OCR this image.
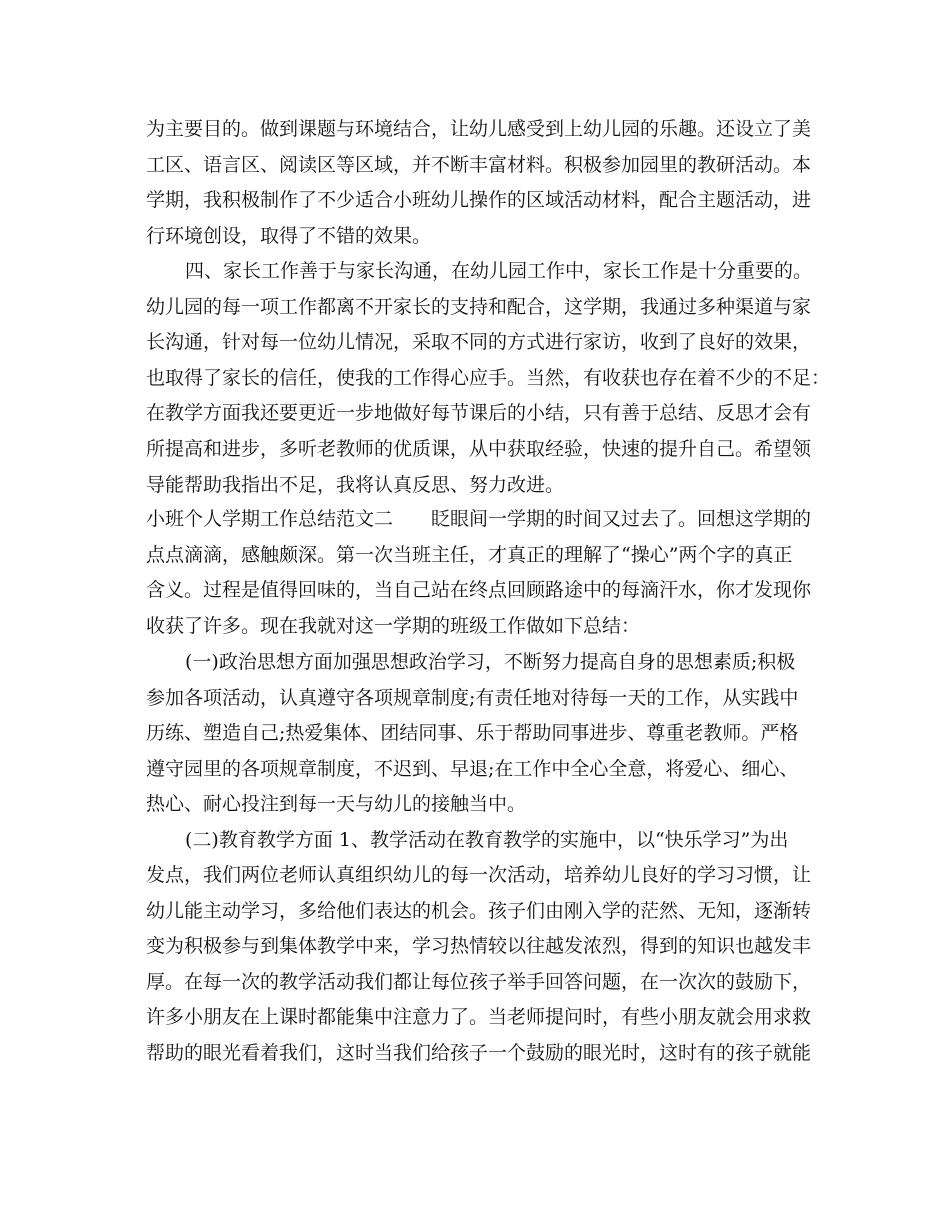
为主要目的。做到课题与环境结合，让幼儿感受到上幼儿园的乐趣。还设立了美
工区、语言区、阅读区等区域，并不断丰富材料。积极参加园里的教研活动。本
学期，我积极制作了不少适合小班幼儿操作的区域活动材料，配合主题活动，进
行环境创设，取得了不错的效果。
四、家长工作善于与家长沟通，在幼儿园工作中，家长工作是十分重要的。
幼儿园的每一项工作都离不开家长的支持和配合，这学期，我通过多种渠道与家
长沟通，针对每一位幼儿情况，采取不同的方式进行家访，收到了良好的效果，
也取得了家长的信任，使我的工作得心应手。当然，有收获也存在着不少的不足：
在教学方面我还要更近一步地做好每节课后的小结，只有善于总结、反思才会有
所提高和进步，多听老教师的优质课，从中获取经验，快速的提升自己。希望领
导能帮助我指出不足，我将认真反思、努力改进。
小班个人学期工作总结范文二　　眨眼间一学期的时间又过去了。回想这学期的
点点滴滴，感触颇深。第一次当班主任，才真正的理解了“操心”两个字的真正
含义。过程是值得回味的，当自己站在终点回顾路途中的每滴汗水，你才发现你
收获了许多。现在我就对这一学期的班级工作做如下总结：
(一)政治思想方面加强思想政治学习，不断努力提高自身的思想素质;积极
参加各项活动，认真遵守各项规章制度;有责任地对待每一天的工作，从实践中
历练、塑造自己;热爱集体、团结同事、乐于帮助同事进步、尊重老教师。严格
遵守园里的各项规章制度，不迟到、早退;在工作中全心全意，将爱心、细心、
热心、耐心投注到每一天与幼儿的接触当中。
(二)教育教学方面 1、教学活动在教育教学的实施中，以“快乐学习”为出
发点，我们两位老师认真组织幼儿的每一次活动，培养幼儿良好的学习习惯，让
幼儿能主动学习，多给他们表达的机会。孩子们由刚入学的茫然、无知，逐渐转
变为积极参与到集体教学中来，学习热情较以往越发浓烈，得到的知识也越发丰
厚。在每一次的教学活动我们都让每位孩子举手回答问题，在一次次的鼓励下，
许多小朋友在上课时都能集中注意力了。当老师提问时，有些小朋友就会用求救
帮助的眼光看着我们，这时当我们给孩子一个鼓励的眼光时，这时有的孩子就能
